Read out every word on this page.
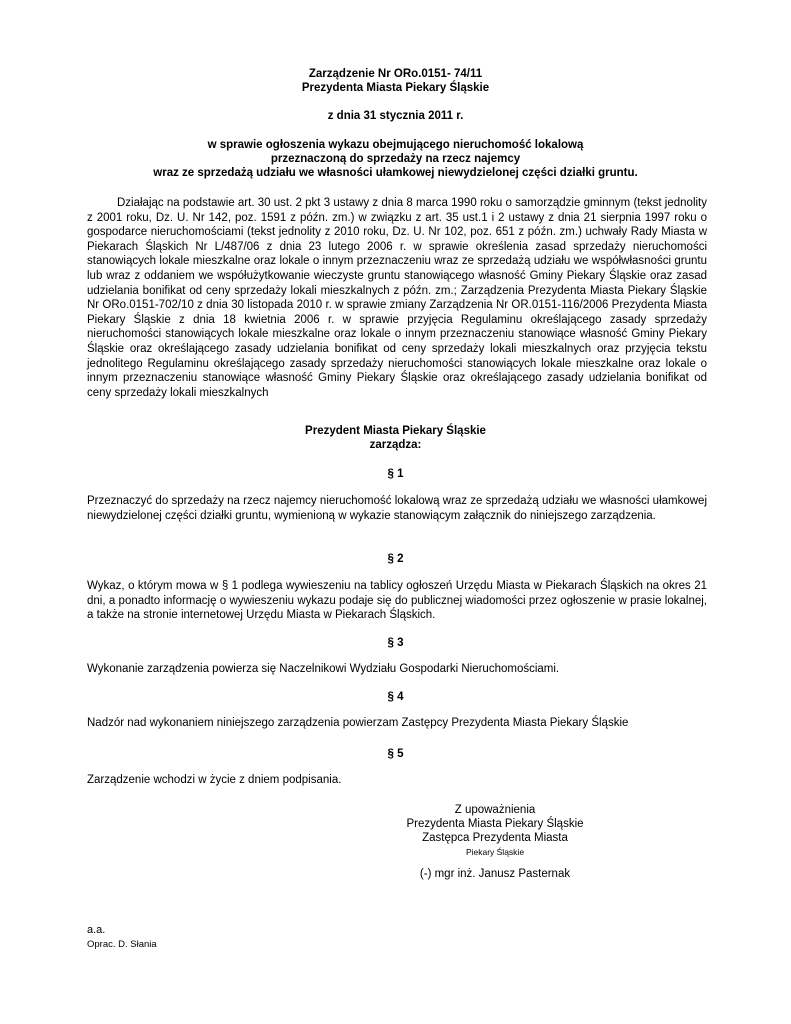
Zarządzenie Nr ORo.0151- 74/11
Prezydenta Miasta Piekary Śląskie
z dnia 31 stycznia 2011 r.
w sprawie ogłoszenia wykazu obejmującego nieruchomość lokalową
przeznaczoną do sprzedaży na rzecz najemcy
wraz ze sprzedażą udziału we własności ułamkowej niewydzielonej części działki gruntu.
Działając na podstawie art. 30 ust. 2 pkt 3 ustawy z dnia 8 marca 1990 roku o samorządzie gminnym (tekst jednolity z 2001 roku, Dz. U. Nr 142, poz. 1591 z późn. zm.) w związku z art. 35 ust.1 i 2 ustawy z dnia 21 sierpnia 1997 roku o gospodarce nieruchomościami (tekst jednolity z 2010 roku, Dz. U. Nr 102, poz. 651 z późn. zm.) uchwały Rady Miasta w Piekarach Śląskich Nr L/487/06 z dnia 23 lutego 2006 r. w sprawie określenia zasad sprzedaży nieruchomości stanowiących lokale mieszkalne oraz lokale o innym przeznaczeniu wraz ze sprzedażą udziału we współwłasności gruntu lub wraz z oddaniem we współużytkowanie wieczyste gruntu stanowiącego własność Gminy Piekary Śląskie oraz zasad udzielania bonifikat od ceny sprzedaży lokali mieszkalnych z późn. zm.; Zarządzenia Prezydenta Miasta Piekary Śląskie Nr ORo.0151-702/10 z dnia 30 listopada 2010 r. w sprawie zmiany Zarządzenia Nr OR.0151-116/2006 Prezydenta Miasta Piekary Śląskie z dnia 18 kwietnia 2006 r. w sprawie przyjęcia Regulaminu określającego zasady sprzedaży nieruchomości stanowiących lokale mieszkalne oraz lokale o innym przeznaczeniu stanowiące własność Gminy Piekary Śląskie oraz określającego zasady udzielania bonifikat od ceny sprzedaży lokali mieszkalnych oraz przyjęcia tekstu jednolitego Regulaminu określającego zasady sprzedaży nieruchomości stanowiących lokale mieszkalne oraz lokale o innym przeznaczeniu stanowiące własność Gminy Piekary Śląskie oraz określającego zasady udzielania bonifikat od ceny sprzedaży lokali mieszkalnych
Prezydent Miasta Piekary Śląskie
zarządza:
§ 1
Przeznaczyć do sprzedaży na rzecz najemcy nieruchomość lokalową wraz ze sprzedażą udziału we własności ułamkowej niewydzielonej części działki gruntu, wymienioną w wykazie stanowiącym załącznik do niniejszego zarządzenia.
§ 2
Wykaz, o którym mowa w § 1 podlega wywieszeniu na tablicy ogłoszeń Urzędu Miasta w Piekarach Śląskich na okres 21 dni, a ponadto informację o wywieszeniu wykazu podaje się do publicznej wiadomości przez ogłoszenie w prasie lokalnej, a także na stronie internetowej Urzędu Miasta w Piekarach Śląskich.
§ 3
Wykonanie zarządzenia powierza się Naczelnikowi Wydziału Gospodarki Nieruchomościami.
§ 4
Nadzór nad wykonaniem niniejszego zarządzenia powierzam Zastępcy Prezydenta Miasta Piekary Śląskie
§ 5
Zarządzenie wchodzi w życie z dniem podpisania.
Z upoważnienia
Prezydenta Miasta Piekary Śląskie
Zastępca Prezydenta Miasta
Piekary Śląskie
(-) mgr inż. Janusz Pasternak
a.a.
Oprac. D. Słania
